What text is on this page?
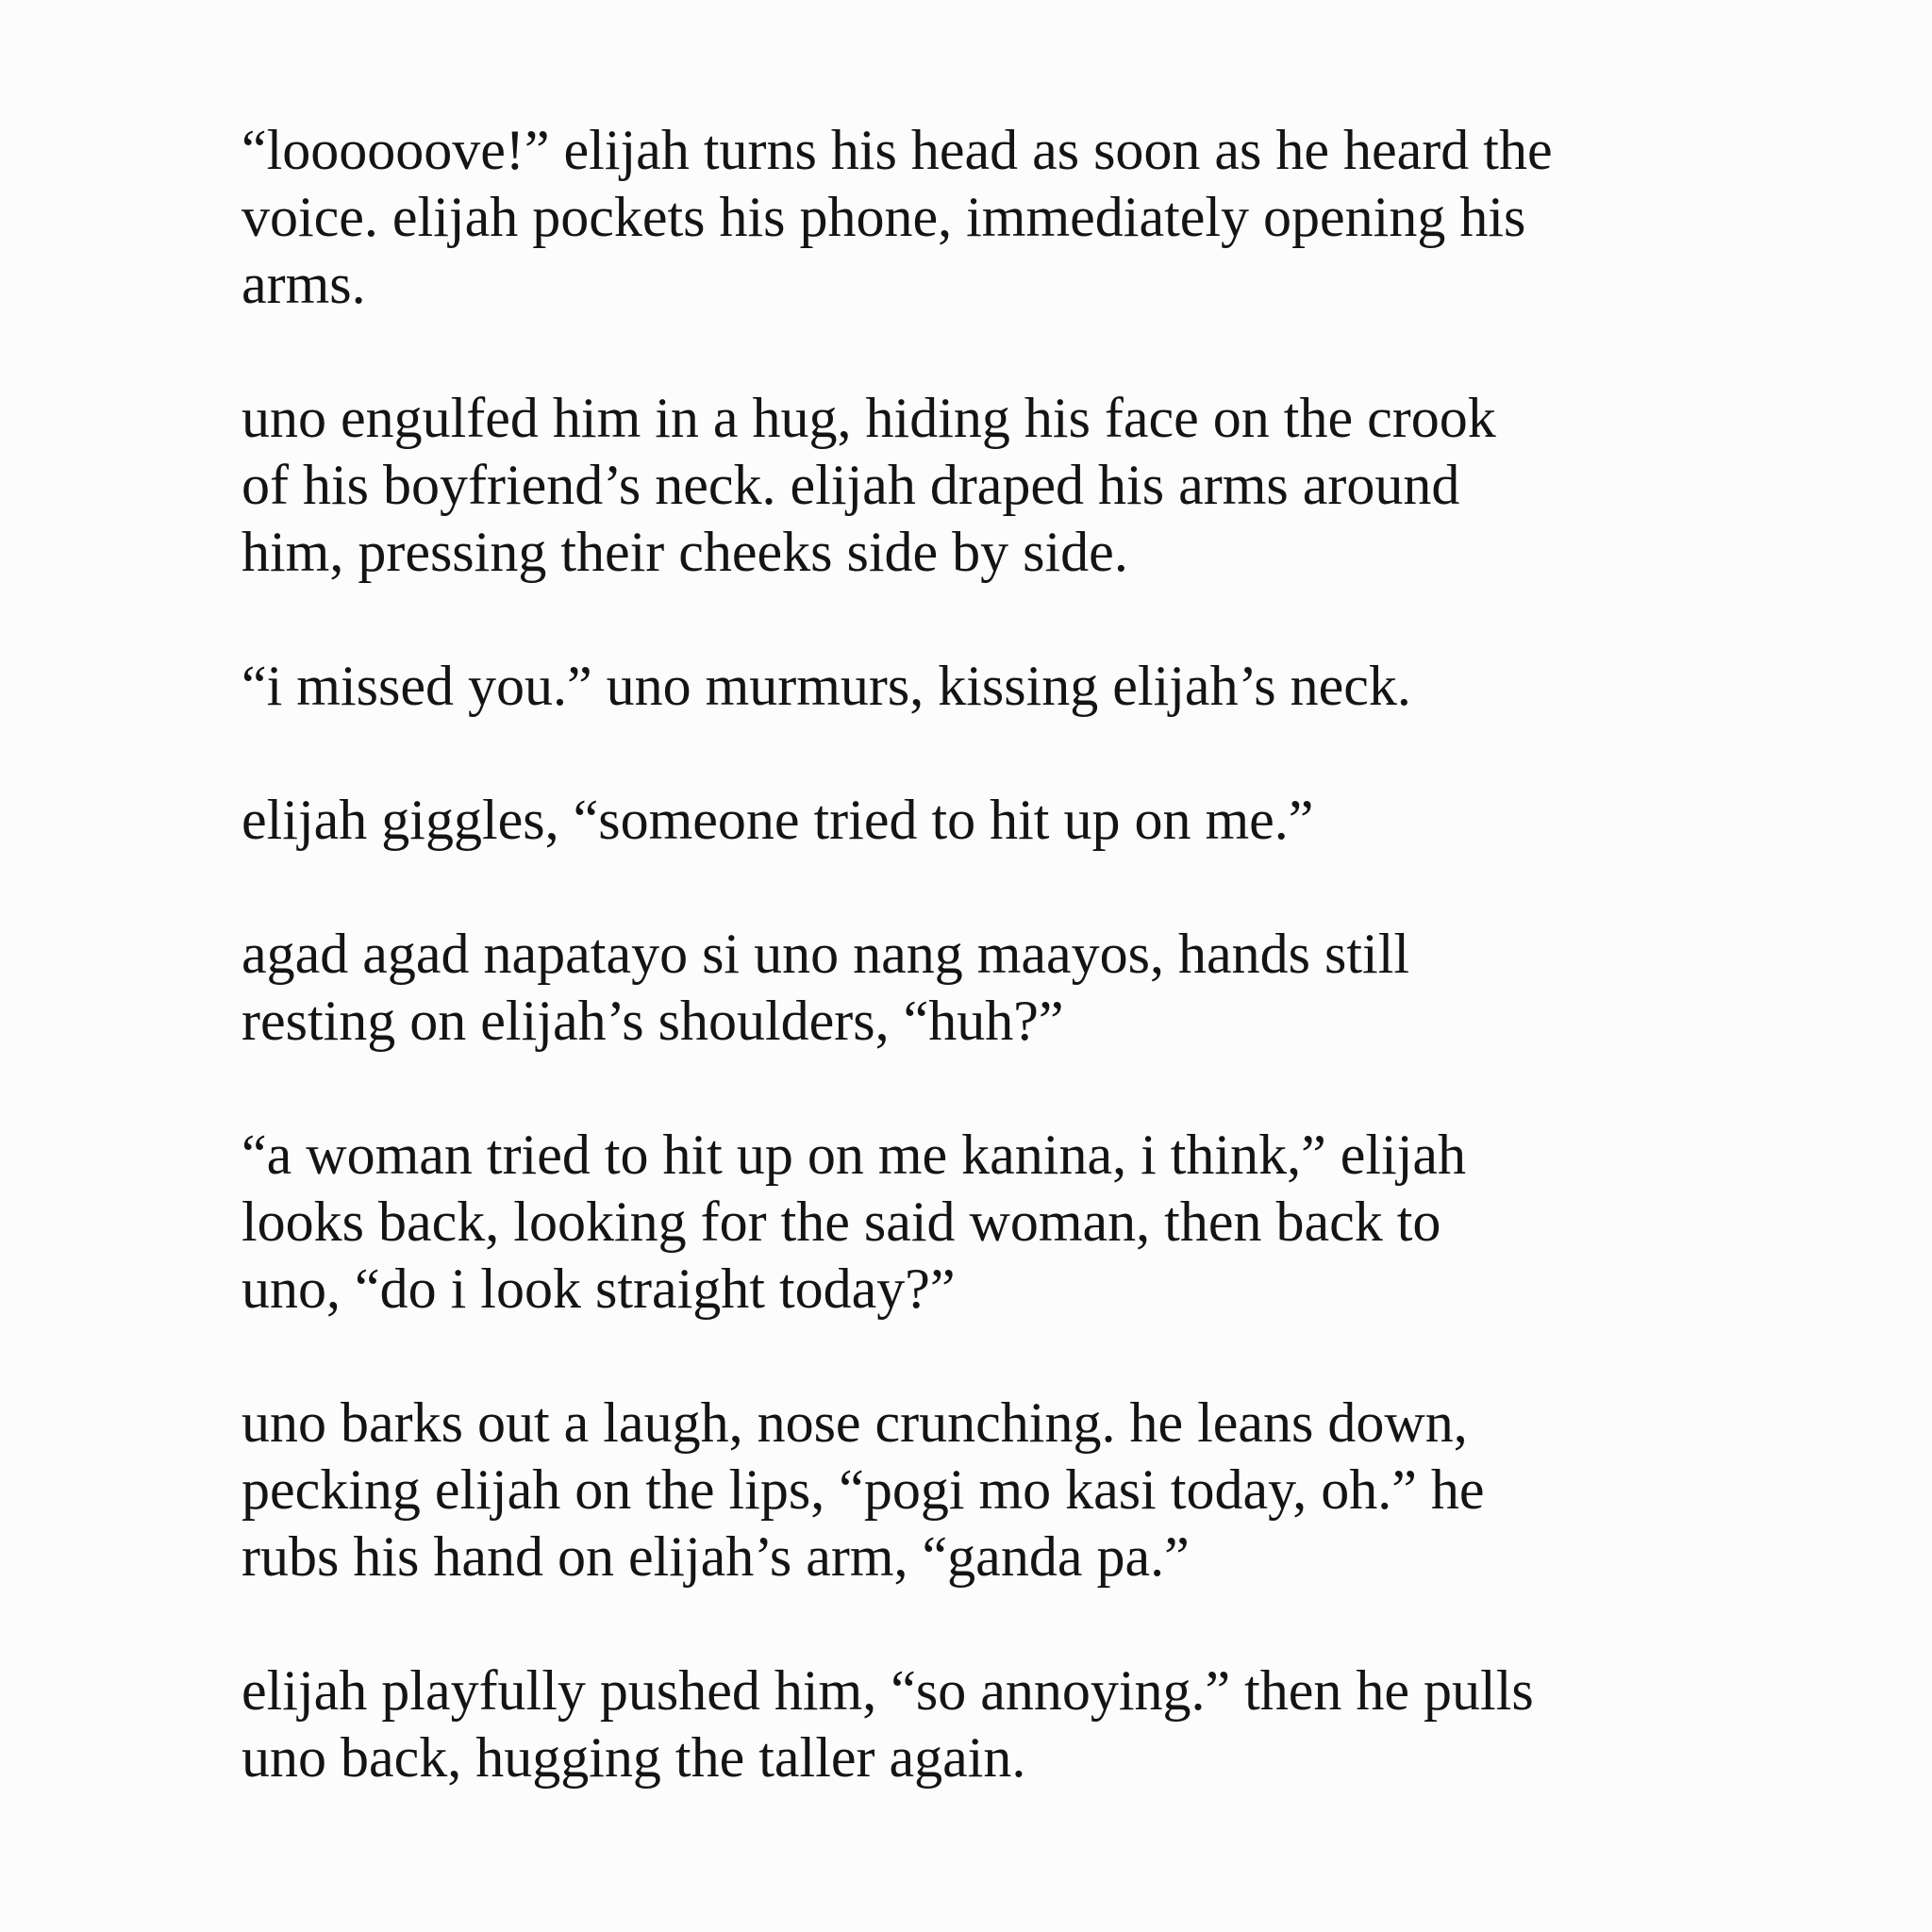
“loooooove!” elijah turns his head as soon as he heard the
voice. elijah pockets his phone, immediately opening his
arms.

uno engulfed him in a hug, hiding his face on the crook
of his boyfriend’s neck. elijah draped his arms around
him, pressing their cheeks side by side.

“i missed you.” uno murmurs, kissing elijah’s neck.

elijah giggles, “someone tried to hit up on me.”

agad agad napatayo si uno nang maayos, hands still
resting on elijah’s shoulders, “huh?”

“a woman tried to hit up on me kanina, i think,” elijah
looks back, looking for the said woman, then back to
uno, “do i look straight today?”

uno barks out a laugh, nose crunching. he leans down,
pecking elijah on the lips, “pogi mo kasi today, oh.” he
rubs his hand on elijah’s arm, “ganda pa.”

elijah playfully pushed him, “so annoying.” then he pulls
uno back, hugging the taller again.
